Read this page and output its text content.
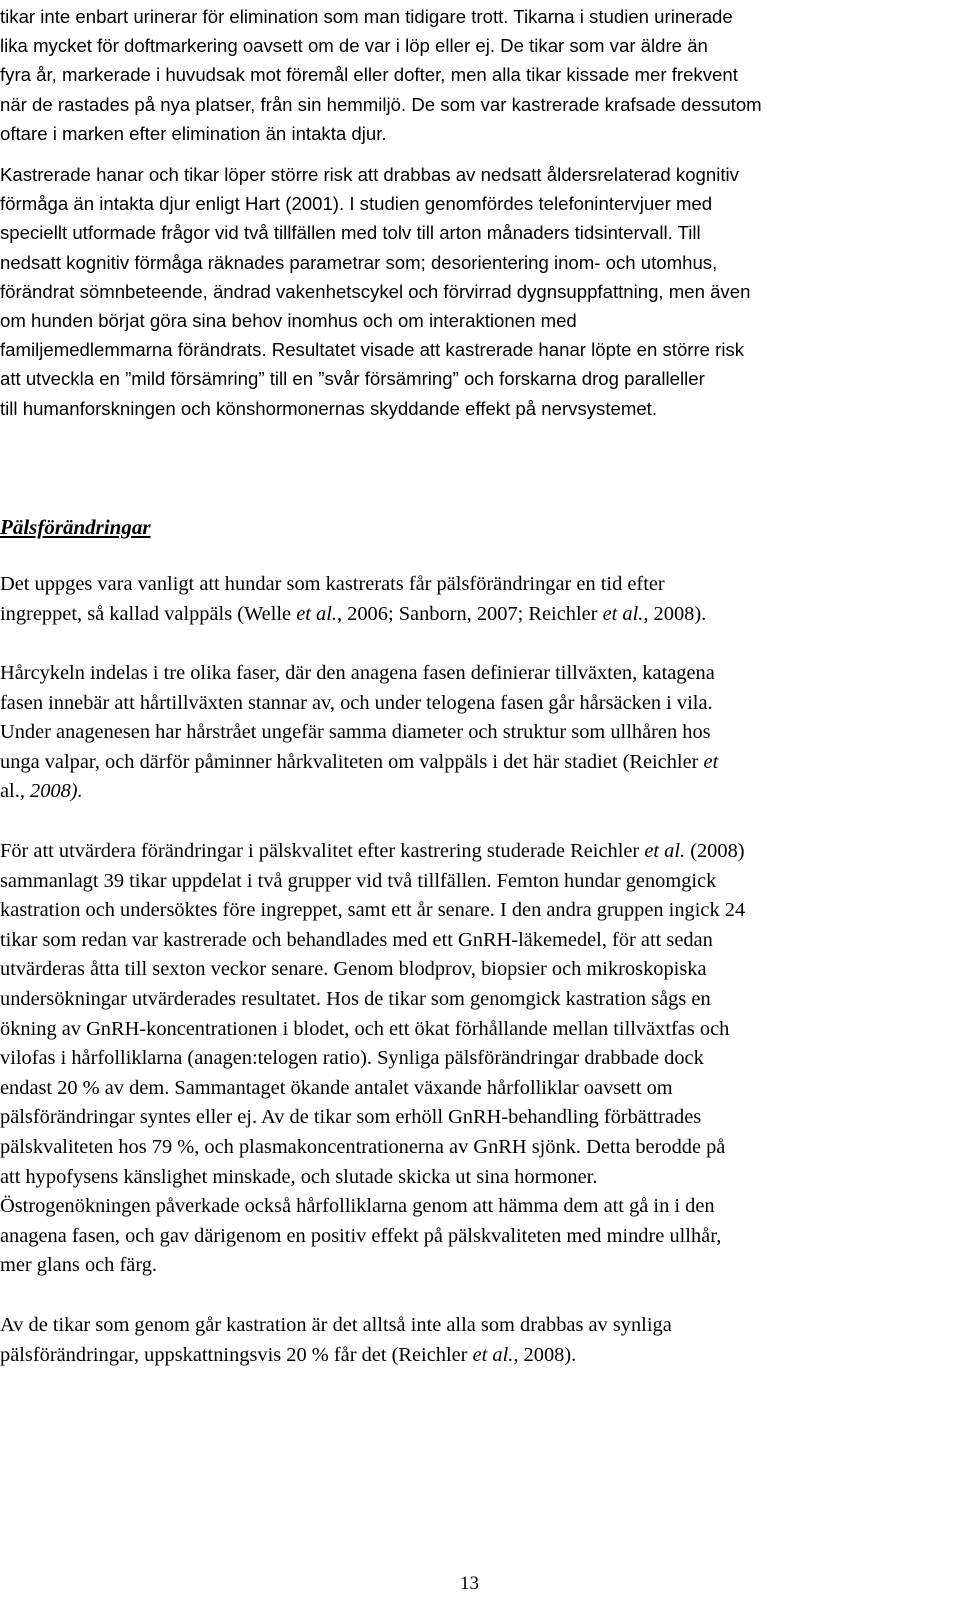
tikar inte enbart urinerar för elimination som man tidigare trott. Tikarna i studien urinerade
lika mycket för doftmarkering oavsett om de var i löp eller ej. De tikar som var äldre än
fyra år, markerade i huvudsak mot föremål eller dofter, men alla tikar kissade mer frekvent
när de rastades på nya platser, från sin hemmiljö. De som var kastrerade krafsade dessutom
oftare i marken efter elimination än intakta djur.
Kastrerade hanar och tikar löper större risk att drabbas av nedsatt åldersrelaterad kognitiv
förmåga än intakta djur enligt Hart (2001). I studien genomfördes telefonintervjuer med
speciellt utformade frågor vid två tillfällen med tolv till arton månaders tidsintervall. Till
nedsatt kognitiv förmåga räknades parametrar som; desorientering inom- och utomhus,
förändrat sömnbeteende, ändrad vakenhetscykel och förvirrad dygnsuppfattning, men även
om hunden börjat göra sina behov inomhus och om interaktionen med
familjemedlemmarna förändrats. Resultatet visade att kastrerade hanar löpte en större risk
att utveckla en ”mild försämring” till en ”svår försämring” och forskarna drog paralleller
till humanforskningen och könshormonernas skyddande effekt på nervsystemet.
Pälsförändringar
Det uppges vara vanligt att hundar som kastrerats får pälsförändringar en tid efter
ingreppet, så kallad valppäls (Welle et al., 2006; Sanborn, 2007; Reichler et al., 2008).
Hårcykeln indelas i tre olika faser, där den anagena fasen definierar tillväxten, katagena
fasen innebär att hårtillväxten stannar av, och under telogena fasen går hårsäcken i vila.
Under anagenesen har hårstrået ungefär samma diameter och struktur som ullhåren hos
unga valpar, och därför påminner hårkvaliteten om valppäls i det här stadiet (Reichler et
al., 2008).
För att utvärdera förändringar i pälskvalitet efter kastrering studerade Reichler et al. (2008)
sammanlagt 39 tikar uppdelat i två grupper vid två tillfällen. Femton hundar genomgick
kastration och undersöktes före ingreppet, samt ett år senare. I den andra gruppen ingick 24
tikar som redan var kastrerade och behandlades med ett GnRH-läkemedel, för att sedan
utvärderas åtta till sexton veckor senare. Genom blodprov, biopsier och mikroskopiska
undersökningar utvärderades resultatet. Hos de tikar som genomgick kastration sågs en
ökning av GnRH-koncentrationen i blodet, och ett ökat förhållande mellan tillväxtfas och
vilofas i hårfolliklarna (anagen:telogen ratio). Synliga pälsförändringar drabbade dock
endast 20 % av dem. Sammantaget ökande antalet växande hårfolliklar oavsett om
pälsförändringar syntes eller ej. Av de tikar som erhöll GnRH-behandling förbättrades
pälskvaliteten hos 79 %, och plasmakoncentrationerna av GnRH sjönk. Detta berodde på
att hypofysens känslighet minskade, och slutade skicka ut sina hormoner.
Östrogenökningen påverkade också hårfolliklarna genom att hämma dem att gå in i den
anagena fasen, och gav därigenom en positiv effekt på pälskvaliteten med mindre ullhår,
mer glans och färg.
Av de tikar som genom går kastration är det alltså inte alla som drabbas av synliga
pälsförändringar, uppskattningsvis 20 % får det (Reichler et al., 2008).
13
